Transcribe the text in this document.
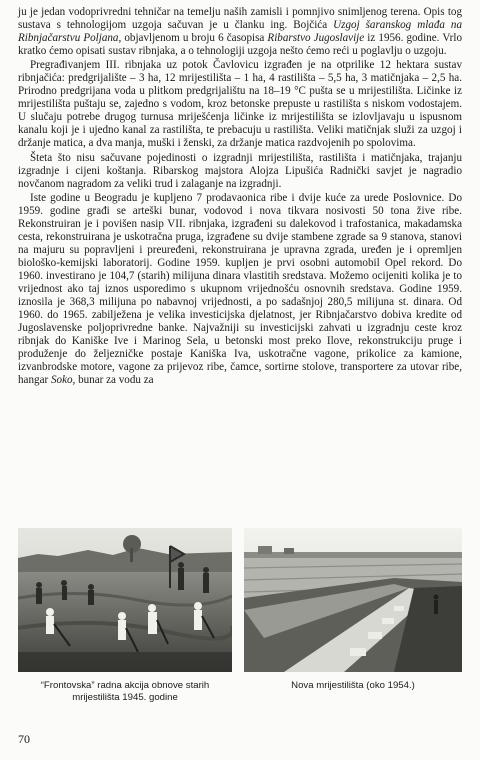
ju je jedan vodoprivredni tehničar na temelju naših zamisli i pomnjivo snimljenog terena. Opis tog sustava s tehnologijom uzgoja sačuvan je u članku ing. Bojčića Uzgoj šaranskog mlađa na Ribnjačarstvu Poljana, objavljenom u broju 6 časopisa Ribarstvo Jugoslavije iz 1956. godine. Vrlo kratko ćemo opisati sustav ribnjaka, a o tehnologiji uzgoja nešto ćemo reći u poglavlju o uzgoju.

Pregrađivanjem III. ribnjaka uz potok Čavlovicu izgrađen je na otprilike 12 hektara sustav ribnjačića: predgrijalište – 3 ha, 12 mrijestilišta – 1 ha, 4 rastilišta – 5,5 ha, 3 matičnjaka – 2,5 ha. Prirodno predgrijana voda u plitkom predgrijalištu na 18–19 °C pušta se u mrijestilišta. Ličinke iz mrijestilišta puštaju se, zajedno s vodom, kroz betonske prepuste u rastilišta s niskom vodostajem. U slučaju potrebe drugog turnusa mriješćenja ličinke iz mrijestilišta se izlovljavaju u ispusnom kanalu koji je i ujedno kanal za rastilišta, te prebacuju u rastilišta. Veliki matičnjak služi za uzgoj i držanje matica, a dva manja, muški i ženski, za držanje matica razdvojenih po spolovima.

Šteta što nisu sačuvane pojedinosti o izgradnji mrijestilišta, rastilišta i matičnjaka, trajanju izgradnje i cijeni koštanja. Ribarskog majstora Alojza Lipušića Radnički savjet je nagradio novčanom nagradom za veliki trud i zalaganje na izgradnji.

Iste godine u Beogradu je kupljeno 7 prodavaonica ribe i dvije kuće za urede Poslovnice. Do 1959. godine građi se arteški bunar, vodovod i nova tikvara nosivosti 50 tona žive ribe. Rekonstruiran je i povišen nasip VII. ribnjaka, izgrađeni su dalekovod i trafostanica, makadamska cesta, rekonstruirana je uskotračna pruga, izgrađene su dvije stambene zgrade sa 9 stanova, stanovi na majuru su popravljeni i preuređeni, rekonstruirana je upravna zgrada, uređen je i opremljen biološko-kemijski laboratorij. Godine 1959. kupljen je prvi osobni automobil Opel rekord. Do 1960. investirano je 104,7 (starih) milijuna dinara vlastitih sredstava. Možemo ocijeniti kolika je to vrijednost ako taj iznos usporedimo s ukupnom vrijednošću osnovnih sredstava. Godine 1959. iznosila je 368,3 milijuna po nabavnoj vrijednosti, a po sadašnjoj 280,5 milijuna st. dinara. Od 1960. do 1965. zabilježena je velika investicijska djelatnost, jer Ribnjačarstvo dobiva kredite od Jugoslavenske poljoprivredne banke. Najvažniji su investicijski zahvati u izgradnju ceste kroz ribnjak do Kaniške Ive i Marinog Sela, u betonski most preko Ilove, rekonstrukciju pruge i produženje do željezničke postaje Kaniška Iva, uskotračne vagone, prikolice za kamione, izvanbrodske motore, vagone za prijevoz ribe, čamce, sortirne stolove, transportere za utovar ribe, hangar Soko, bunar za vodu za

“Frontovska” radna akcija obnove starih mrijestilišta 1945. godine
Nova mrijestilišta (oko 1954.)
70
